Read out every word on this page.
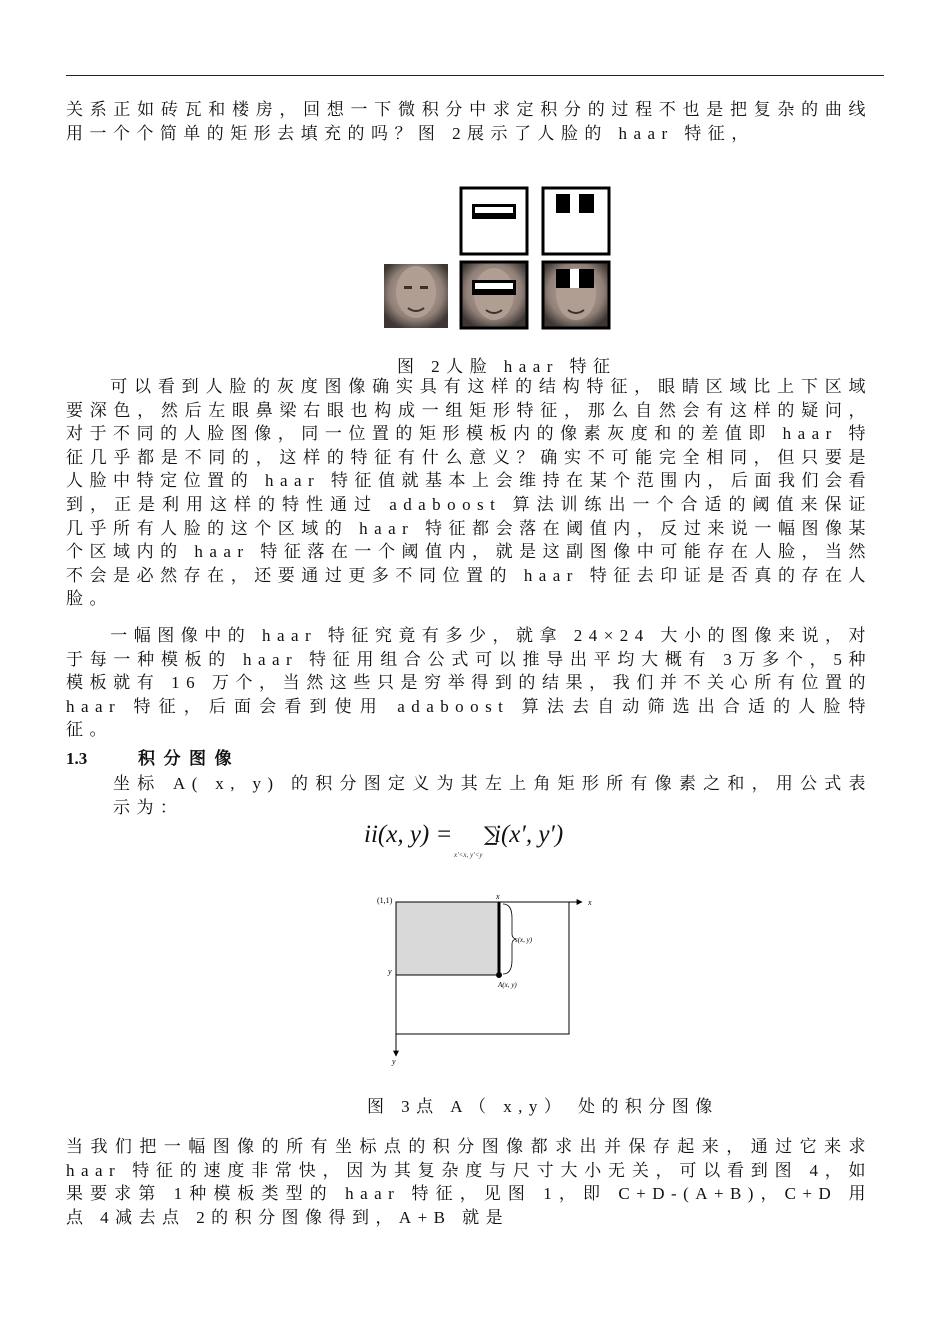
关系正如砖瓦和楼房，回想一下微积分中求定积分的过程不也是把复杂的曲线用一个个简单的矩形去填充的吗？图 2展示了人脸的 haar 特征，

图 2人脸 haar 特征

可以看到人脸的灰度图像确实具有这样的结构特征，眼睛区域比上下区域要深色，然后左眼鼻梁右眼也构成一组矩形特征，那么自然会有这样的疑问，对于不同的人脸图像，同一位置的矩形模板内的像素灰度和的差值即 haar 特征几乎都是不同的，这样的特征有什么意义？确实不可能完全相同，但只要是人脸中特定位置的 haar 特征值就基本上会维持在某个范围内，后面我们会看到，正是利用这样的特性通过 adaboost 算法训练出一个合适的阈值来保证几乎所有人脸的这个区域的 haar 特征都会落在阈值内，反过来说一幅图像某个区域内的 haar 特征落在一个阈值内，就是这副图像中可能存在人脸，当然不会是必然存在，还要通过更多不同位置的 haar 特征去印证是否真的存在人脸。

一幅图像中的 haar 特征究竟有多少，就拿 24×24 大小的图像来说，对于每一种模板的 haar 特征用组合公式可以推导出平均大概有 3万多个，5种模板就有 16 万个，当然这些只是穷举得到的结果，我们并不关心所有位置的 haar 特征，后面会看到使用 adaboost 算法去自动筛选出合适的人脸特征。

1.3	积分图像

坐标 A( x, y) 的积分图定义为其左上角矩形所有像素之和，用公式表示为：

ii(x, y) = ∑
x′<x, y′<y
i(x′, y′)
(1,1)	x
x
y
y
s(x, y)
A(x, y)
图 3点 A（ x,y） 处的积分图像

当我们把一幅图像的所有坐标点的积分图像都求出并保存起来，通过它来求 haar 特征的速度非常快，因为其复杂度与尺寸大小无关，可以看到图 4，如果要求第 1种模板类型的 haar 特征，见图 1，即 C+D-(A+B)，C+D 用点 4减去点 2的积分图像得到，A+B 就是
